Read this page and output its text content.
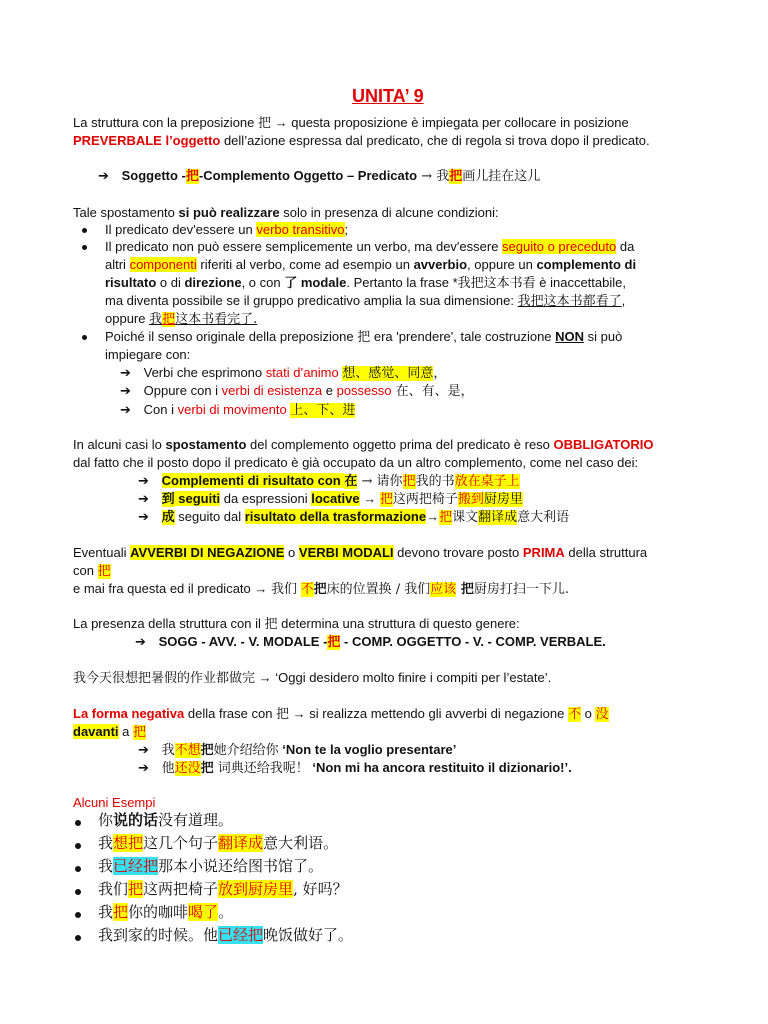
UNITA’ 9
La struttura con la preposizione 把 → questa proposizione è impiegata per collocare in posizione
PREVERBALE l’oggetto dell’azione espressa dal predicato, che di regola si trova dopo il predicato.
➔ Soggetto -把-Complemento Oggetto – Predicato → 我把画儿挂在这儿
Tale spostamento si può realizzare solo in presenza di alcune condizioni:
Il predicato dev'essere un verbo transitivo;
Il predicato non può essere semplicemente un verbo, ma dev'essere seguito o preceduto da
altri componenti riferiti al verbo, come ad esempio un avverbio, oppure un complemento di
risultato o di direzione, o con 了 modale. Pertanto la frase *我把这本书看 è inaccettabile,
ma diventa possibile se il gruppo predicativo amplia la sua dimensione: 我把这本书都看了,
oppure 我把这本书看完了.
Poiché il senso originale della preposizione 把 era 'prendere', tale costruzione NON si può
impiegare con:
➔ Verbi che esprimono stati d’animo 想、感觉、同意，
➔ Oppure con i verbi di esistenza e possesso 在、有、是，
➔ Con i verbi di movimento 上、下、进
In alcuni casi lo spostamento del complemento oggetto prima del predicato è reso OBBLIGATORIO
dal fatto che il posto dopo il predicato è già occupato da un altro complemento, come nel caso dei:
➔ Complementi di risultato con 在 → 请你把我的书放在桌子上
➔ 到 seguiti da espressioni locative → 把这两把椅子搬到厨房里
➔ 成 seguito dal risultato della trasformazione→把课文翻译成意大利语
Eventuali AVVERBI DI NEGAZIONE o VERBI MODALI devono trovare posto PRIMA della struttura
con 把
e mai fra questa ed il predicato → 我们 不把床的位置换 / 我们应该 把厨房打扫一下儿.
La presenza della struttura con il 把 determina una struttura di questo genere:
➔ SOGG - AVV. - V. MODALE -把 - COMP. OGGETTO - V. - COMP. VERBALE.
我今天很想把暑假的作业都做完 → ‘Oggi desidero molto finire i compiti per l’estate’.
La forma negativa della frase con 把 → si realizza mettendo gli avverbi di negazione 不 o 没
davanti a 把
➔ 我不想把她介绍给你 ‘Non te la voglio presentare’
➔ 他还没把 词典还给我呢！ ‘Non mi ha ancora restituito il dizionario!’.
Alcuni Esempi
你说的话没有道理。
我想把这几个句子翻译成意大利语。
我已经把那本小说还给图书馆了。
我们把这两把椅子放到厨房里, 好吗？
我把你的咖啡喝了。
我到家的时候。他已经把晚饭做好了。
